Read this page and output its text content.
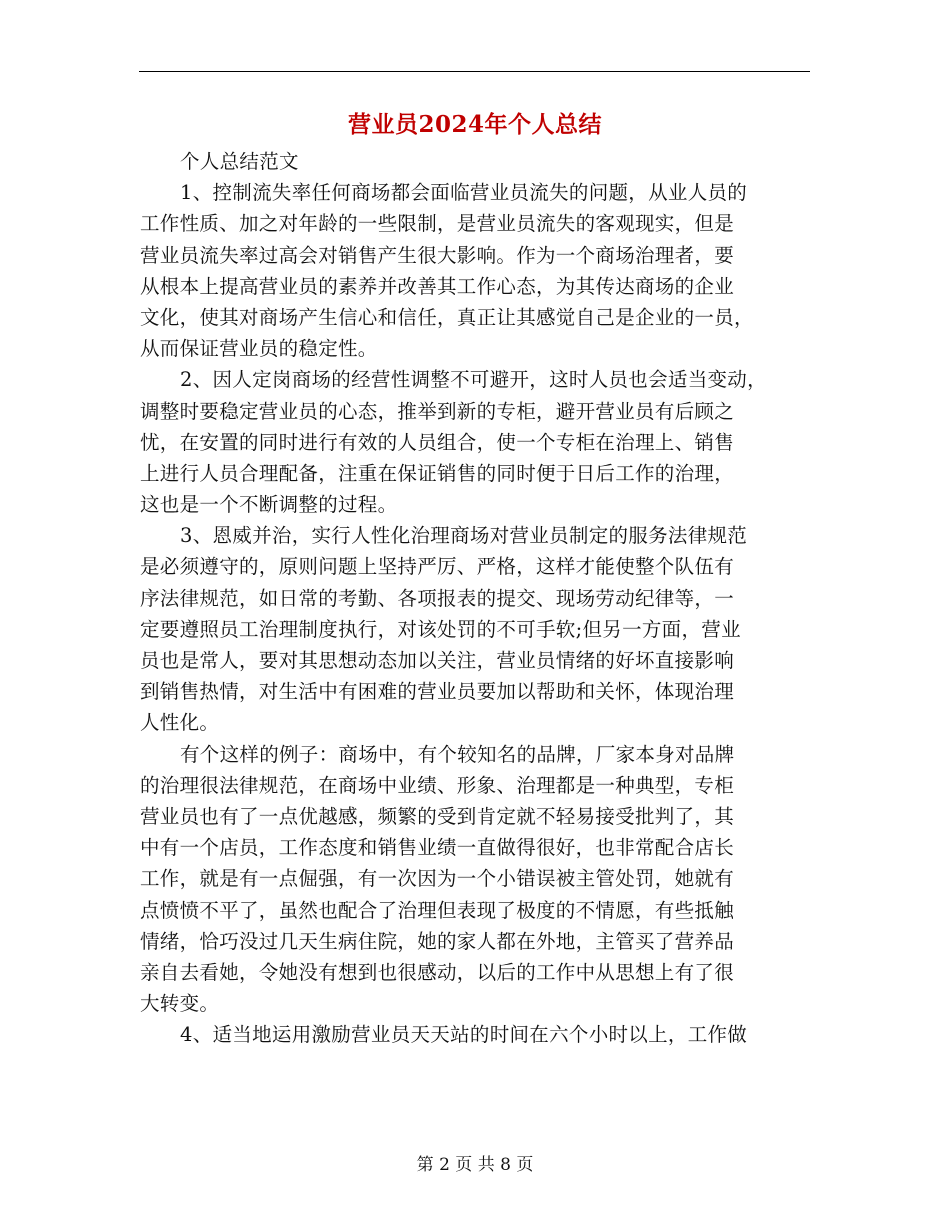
营业员2024年个人总结
个人总结范文
1、控制流失率任何商场都会面临营业员流失的问题，从业人员的
工作性质、加之对年龄的一些限制，是营业员流失的客观现实，但是
营业员流失率过高会对销售产生很大影响。作为一个商场治理者，要
从根本上提高营业员的素养并改善其工作心态，为其传达商场的企业
文化，使其对商场产生信心和信任，真正让其感觉自己是企业的一员，
从而保证营业员的稳定性。
2、因人定岗商场的经营性调整不可避开，这时人员也会适当变动，
调整时要稳定营业员的心态，推举到新的专柜，避开营业员有后顾之
忧，在安置的同时进行有效的人员组合，使一个专柜在治理上、销售
上进行人员合理配备，注重在保证销售的同时便于日后工作的治理，
这也是一个不断调整的过程。
3、恩威并治，实行人性化治理商场对营业员制定的服务法律规范
是必须遵守的，原则问题上坚持严厉、严格，这样才能使整个队伍有
序法律规范，如日常的考勤、各项报表的提交、现场劳动纪律等，一
定要遵照员工治理制度执行，对该处罚的不可手软;但另一方面，营业
员也是常人，要对其思想动态加以关注，营业员情绪的好坏直接影响
到销售热情，对生活中有困难的营业员要加以帮助和关怀，体现治理
人性化。
有个这样的例子：商场中，有个较知名的品牌，厂家本身对品牌
的治理很法律规范，在商场中业绩、形象、治理都是一种典型，专柜
营业员也有了一点优越感，频繁的受到肯定就不轻易接受批判了，其
中有一个店员，工作态度和销售业绩一直做得很好，也非常配合店长
工作，就是有一点倔强，有一次因为一个小错误被主管处罚，她就有
点愤愤不平了，虽然也配合了治理但表现了极度的不情愿，有些抵触
情绪，恰巧没过几天生病住院，她的家人都在外地，主管买了营养品
亲自去看她，令她没有想到也很感动，以后的工作中从思想上有了很
大转变。
4、适当地运用激励营业员天天站的时间在六个小时以上，工作做
第 2 页 共 8 页
